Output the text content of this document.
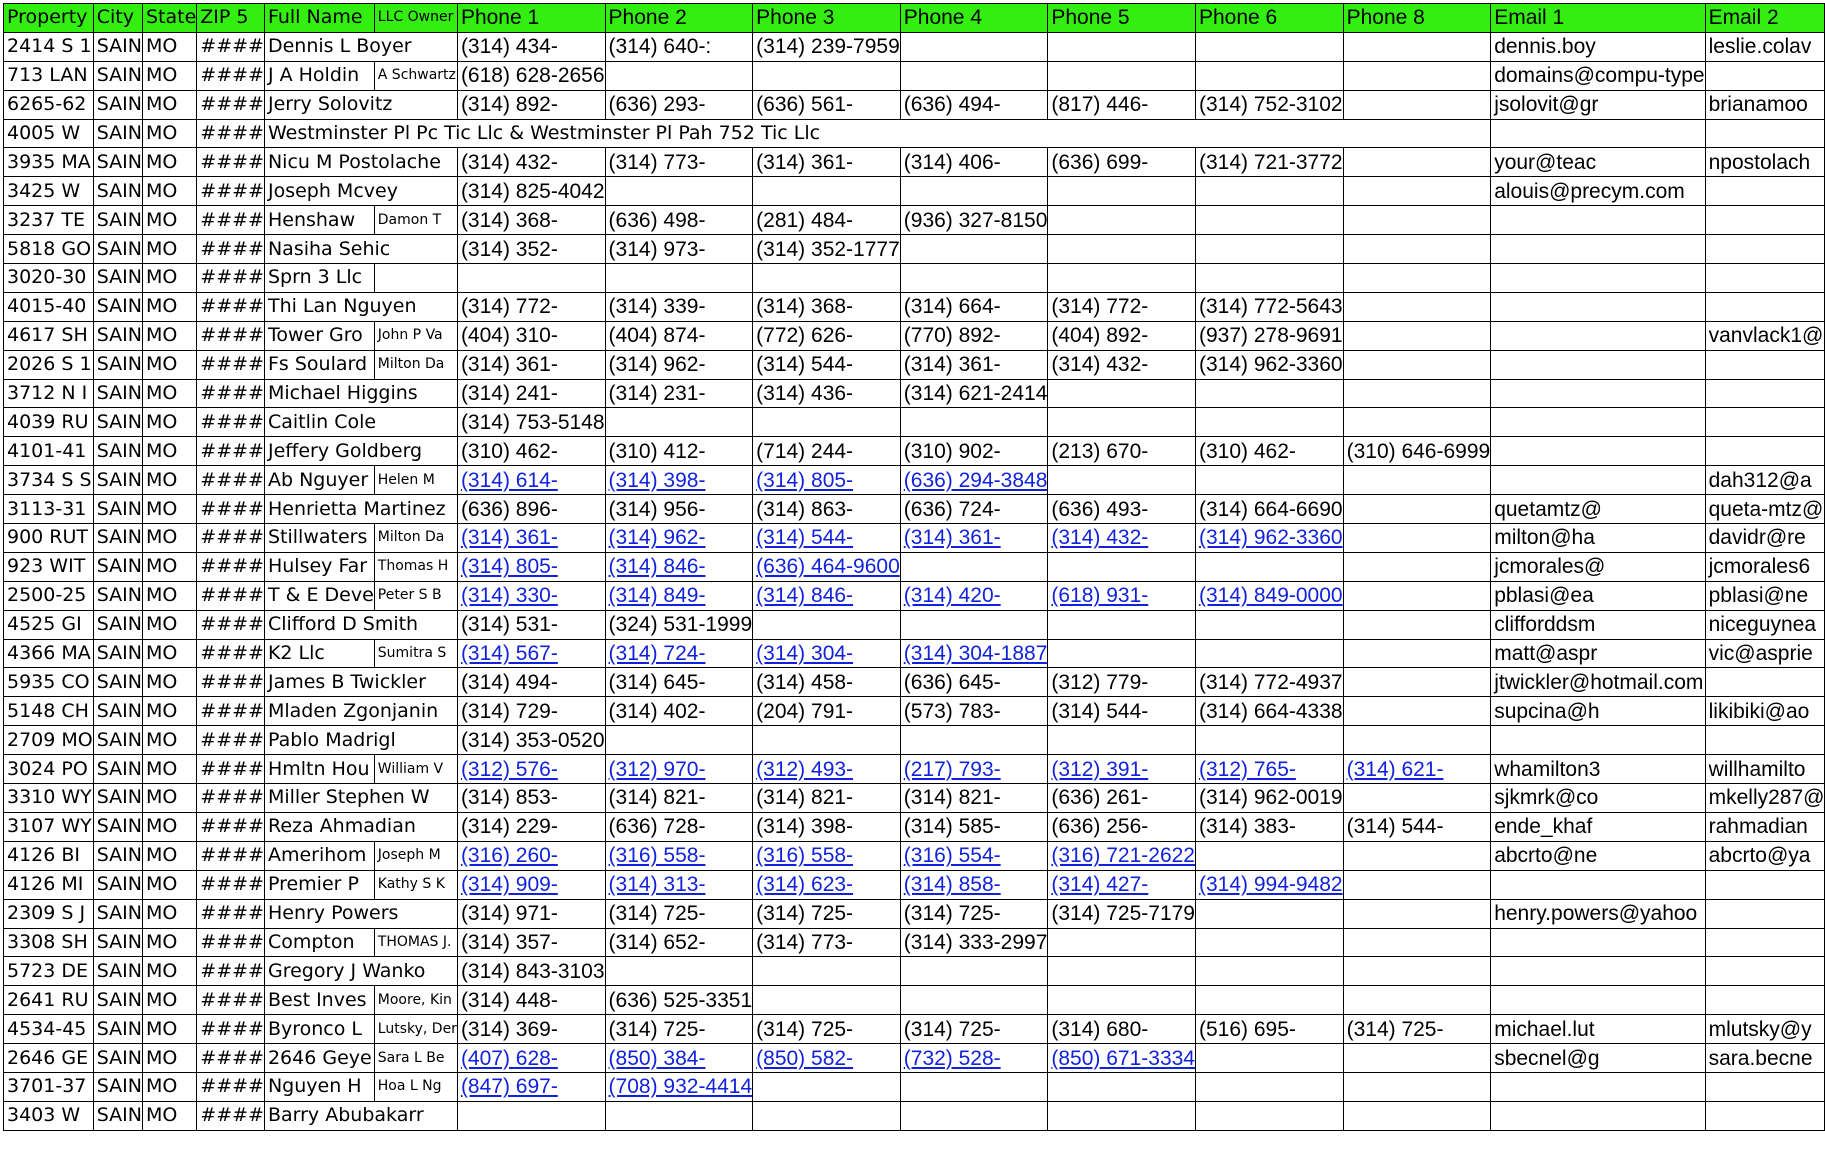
Property	City	State	ZIP 5	Full Name	LLC Owner	Phone 1	Phone 2	Phone 3	Phone 4	Phone 5	Phone 6	Phone 8	Email 1	Email 2
2414 S 1	SAIN	MO	####	Dennis L Boyer		(314) 434-	(314) 640-:	(314) 239-7959					dennis.boy	leslie.colav
713 LAN	SAIN	MO	####	J A Holdin	A Schwartz	(618) 628-2656							domains@compu-type	
6265-62	SAIN	MO	####	Jerry Solovitz		(314) 892-	(636) 293-	(636) 561-	(636) 494-	(817) 446-	(314) 752-3102		jsolovit@gr	brianamoo
4005 W	SAIN	MO	####	Westminster Pl Pc Tic Llc & Westminster Pl Pah 752 Tic Llc										
3935 MA	SAIN	MO	####	Nicu M Postolache		(314) 432-	(314) 773-	(314) 361-	(314) 406-	(636) 699-	(314) 721-3772		your@teac	npostolach
3425 W	SAIN	MO	####	Joseph Mcvey		(314) 825-4042							alouis@precym.com	
3237 TE	SAIN	MO	####	Henshaw	Damon T	(314) 368-	(636) 498-	(281) 484-	(936) 327-8150					
5818 GO	SAIN	MO	####	Nasiha Sehic		(314) 352-	(314) 973-	(314) 352-1777						
3020-30	SAIN	MO	####	Sprn 3 Llc										
4015-40	SAIN	MO	####	Thi Lan Nguyen		(314) 772-	(314) 339-	(314) 368-	(314) 664-	(314) 772-	(314) 772-5643			
4617 SH	SAIN	MO	####	Tower Gro	John P Va	(404) 310-	(404) 874-	(772) 626-	(770) 892-	(404) 892-	(937) 278-9691			vanvlack1@
2026 S 1	SAIN	MO	####	Fs Soulard	Milton Da	(314) 361-	(314) 962-	(314) 544-	(314) 361-	(314) 432-	(314) 962-3360			
3712 N I	SAIN	MO	####	Michael Higgins		(314) 241-	(314) 231-	(314) 436-	(314) 621-2414					
4039 RU	SAIN	MO	####	Caitlin Cole		(314) 753-5148								
4101-41	SAIN	MO	####	Jeffery Goldberg		(310) 462-	(310) 412-	(714) 244-	(310) 902-	(213) 670-	(310) 462-	(310) 646-6999		
3734 S S	SAIN	MO	####	Ab Nguyer	Helen M	(314) 614-	(314) 398-	(314) 805-	(636) 294-3848					dah312@a
3113-31	SAIN	MO	####	Henrietta Martinez		(636) 896-	(314) 956-	(314) 863-	(636) 724-	(636) 493-	(314) 664-6690		quetamtz@	queta-mtz@
900 RUT	SAIN	MO	####	Stillwaters	Milton Da	(314) 361-	(314) 962-	(314) 544-	(314) 361-	(314) 432-	(314) 962-3360		milton@ha	davidr@re
923 WIT	SAIN	MO	####	Hulsey Far	Thomas H	(314) 805-	(314) 846-	(636) 464-9600					jcmorales@	jcmorales6
2500-25	SAIN	MO	####	T & E Deve	Peter S B	(314) 330-	(314) 849-	(314) 846-	(314) 420-	(618) 931-	(314) 849-0000		pblasi@ea	pblasi@ne
4525 GI	SAIN	MO	####	Clifford D Smith		(314) 531-	(324) 531-1999						clifforddsm	niceguynea
4366 MA	SAIN	MO	####	K2 Llc	Sumitra S	(314) 567-	(314) 724-	(314) 304-	(314) 304-1887				matt@aspr	vic@asprie
5935 CO	SAIN	MO	####	James B Twickler		(314) 494-	(314) 645-	(314) 458-	(636) 645-	(312) 779-	(314) 772-4937		jtwickler@hotmail.com	
5148 CH	SAIN	MO	####	Mladen Zgonjanin		(314) 729-	(314) 402-	(204) 791-	(573) 783-	(314) 544-	(314) 664-4338		supcina@h	likibiki@ao
2709 MO	SAIN	MO	####	Pablo Madrigl		(314) 353-0520								
3024 PO	SAIN	MO	####	Hmltn Hou	William V	(312) 576-	(312) 970-	(312) 493-	(217) 793-	(312) 391-	(312) 765-	(314) 621-	whamilton3	willhamilto
3310 WY	SAIN	MO	####	Miller Stephen W		(314) 853-	(314) 821-	(314) 821-	(314) 821-	(636) 261-	(314) 962-0019		sjkmrk@co	mkelly287@
3107 WY	SAIN	MO	####	Reza Ahmadian		(314) 229-	(636) 728-	(314) 398-	(314) 585-	(636) 256-	(314) 383-	(314) 544-	ende_khaf	rahmadian
4126 BI	SAIN	MO	####	Amerihom	Joseph M	(316) 260-	(316) 558-	(316) 558-	(316) 554-	(316) 721-2622			abcrto@ne	abcrto@ya
4126 MI	SAIN	MO	####	Premier P	Kathy S K	(314) 909-	(314) 313-	(314) 623-	(314) 858-	(314) 427-	(314) 994-9482			
2309 S J	SAIN	MO	####	Henry Powers		(314) 971-	(314) 725-	(314) 725-	(314) 725-	(314) 725-7179			henry.powers@yahoo	
3308 SH	SAIN	MO	####	Compton	THOMAS J.	(314) 357-	(314) 652-	(314) 773-	(314) 333-2997					
5723 DE	SAIN	MO	####	Gregory J Wanko		(314) 843-3103								
2641 RU	SAIN	MO	####	Best Inves	Moore, Kin	(314) 448-	(636) 525-3351							
4534-45	SAIN	MO	####	Byronco L	Lutsky, Der	(314) 369-	(314) 725-	(314) 725-	(314) 725-	(314) 680-	(516) 695-	(314) 725-	michael.lut	mlutsky@y
2646 GE	SAIN	MO	####	2646 Geye	Sara L Be	(407) 628-	(850) 384-	(850) 582-	(732) 528-	(850) 671-3334			sbecnel@g	sara.becne
3701-37	SAIN	MO	####	Nguyen H	Hoa L Ng	(847) 697-	(708) 932-4414							
3403 W	SAIN	MO	####	Barry Abubakarr										
